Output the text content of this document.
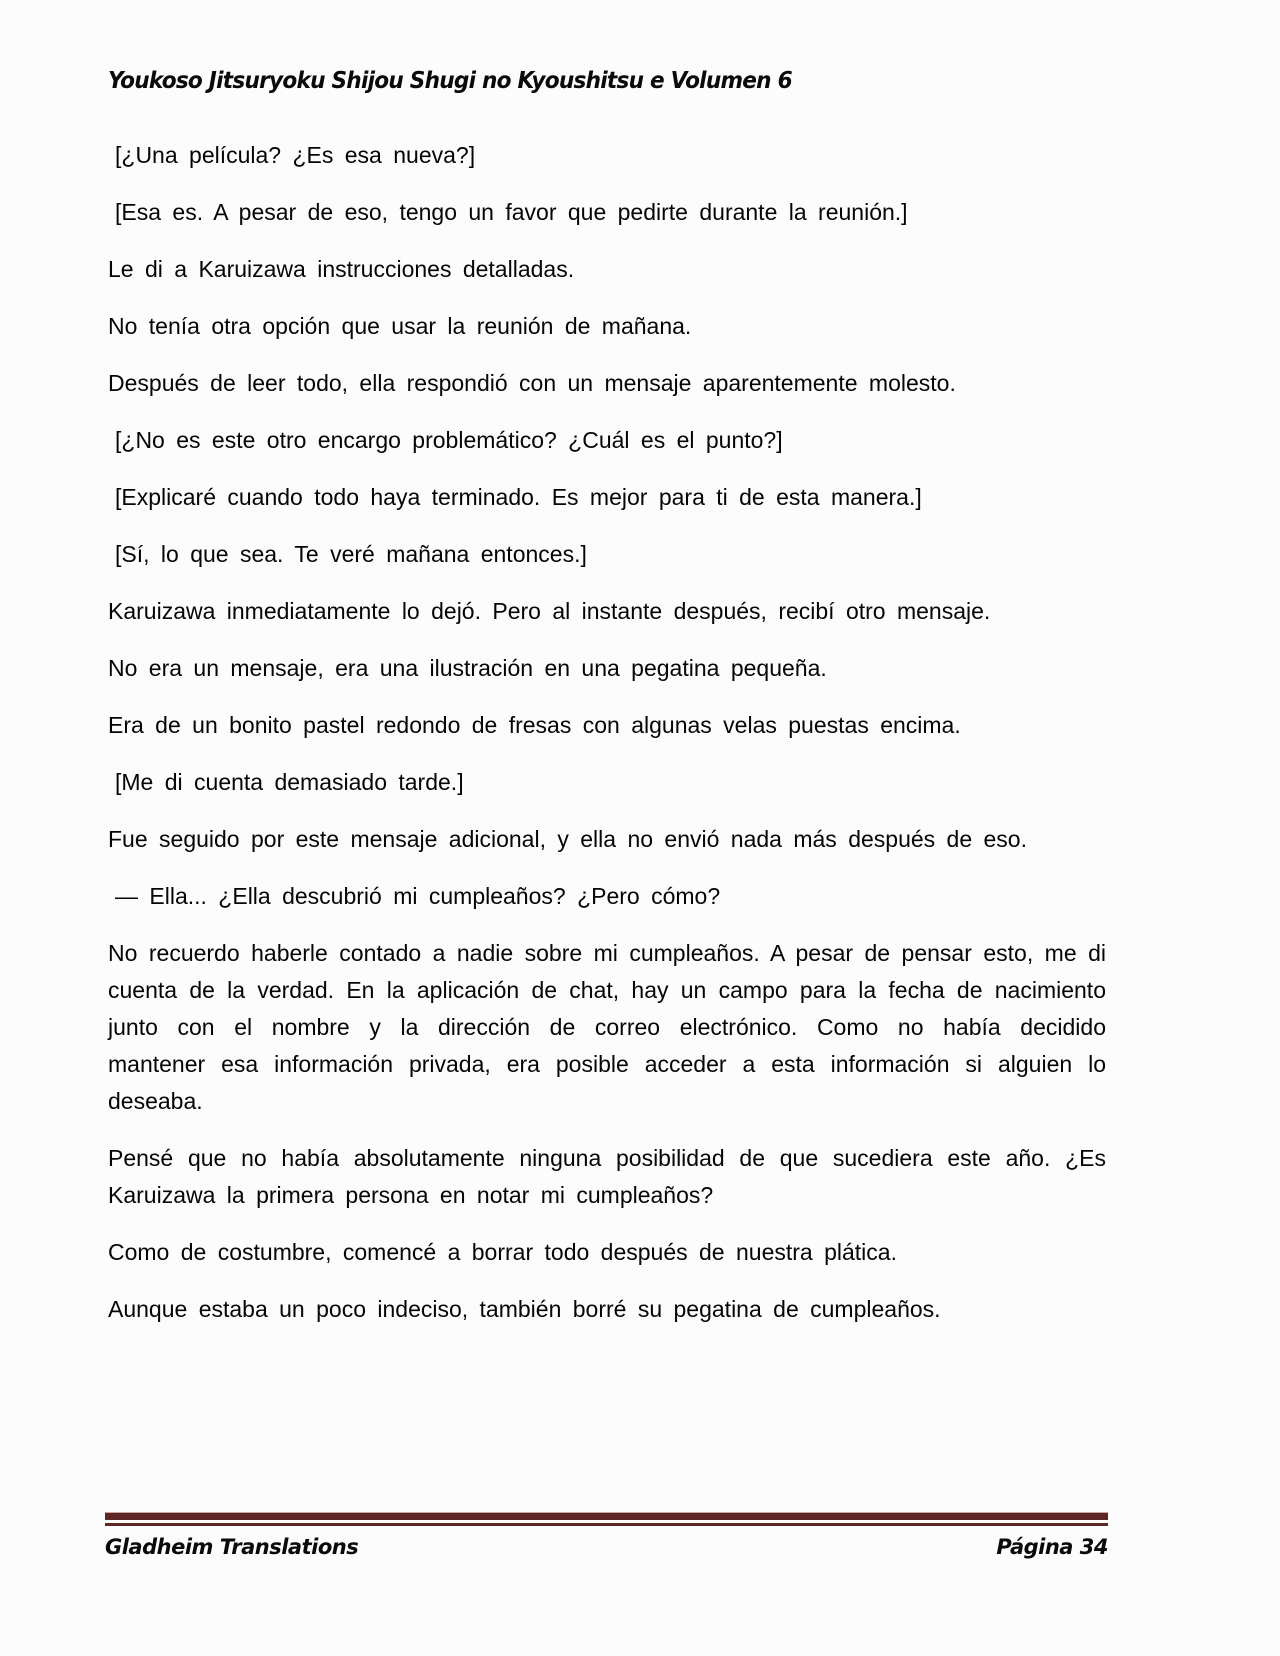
Youkoso Jitsuryoku Shijou Shugi no Kyoushitsu e Volumen 6

[¿Una película? ¿Es esa nueva?]

[Esa es. A pesar de eso, tengo un favor que pedirte durante la reunión.]

Le di a Karuizawa instrucciones detalladas.

No tenía otra opción que usar la reunión de mañana.

Después de leer todo, ella respondió con un mensaje aparentemente molesto.

[¿No es este otro encargo problemático? ¿Cuál es el punto?]

[Explicaré cuando todo haya terminado. Es mejor para ti de esta manera.]

[Sí, lo que sea. Te veré mañana entonces.]

Karuizawa inmediatamente lo dejó. Pero al instante después, recibí otro mensaje.

No era un mensaje, era una ilustración en una pegatina pequeña.

Era de un bonito pastel redondo de fresas con algunas velas puestas encima.

[Me di cuenta demasiado tarde.]

Fue seguido por este mensaje adicional, y ella no envió nada más después de eso.

— Ella... ¿Ella descubrió mi cumpleaños? ¿Pero cómo?

No recuerdo haberle contado a nadie sobre mi cumpleaños. A pesar de pensar esto, me di cuenta de la verdad. En la aplicación de chat, hay un campo para la fecha de nacimiento junto con el nombre y la dirección de correo electrónico. Como no había decidido mantener esa información privada, era posible acceder a esta información si alguien lo deseaba.

Pensé que no había absolutamente ninguna posibilidad de que sucediera este año. ¿Es Karuizawa la primera persona en notar mi cumpleaños?

Como de costumbre, comencé a borrar todo después de nuestra plática.

Aunque estaba un poco indeciso, también borré su pegatina de cumpleaños.

Gladheim Translations	Página 34
